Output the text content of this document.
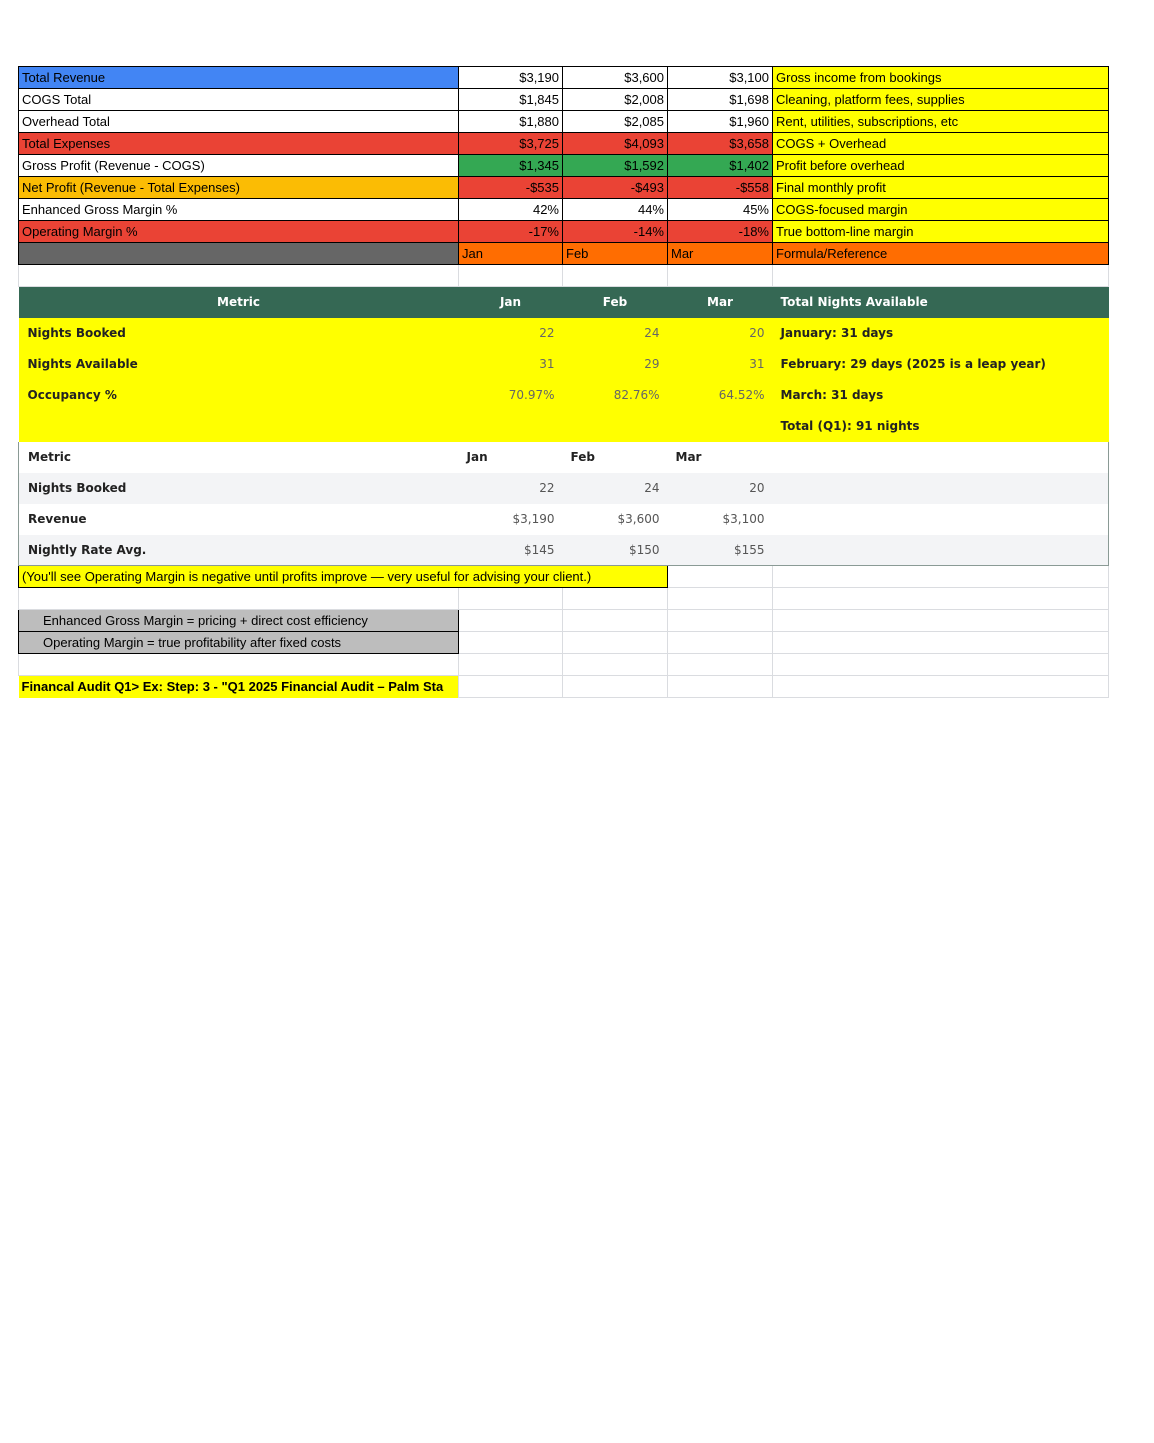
Total Revenue	$3,190	$3,600	$3,100	Gross income from bookings
COGS Total	$1,845	$2,008	$1,698	Cleaning, platform fees, supplies
Overhead Total	$1,880	$2,085	$1,960	Rent, utilities, subscriptions, etc
Total Expenses	$3,725	$4,093	$3,658	COGS + Overhead
Gross Profit (Revenue - COGS)	$1,345	$1,592	$1,402	Profit before overhead
Net Profit (Revenue - Total Expenses)	-$535	-$493	-$558	Final monthly profit
Enhanced Gross Margin %	42%	44%	45%	COGS-focused margin
Operating Margin %	-17%	-14%	-18%	True bottom-line margin
	Jan	Feb	Mar	Formula/Reference

Metric	Jan	Feb	Mar	Total Nights Available
Nights Booked	22	24	20	January: 31 days
Nights Available	31	29	31	February: 29 days (2025 is a leap year)
Occupancy %	70.97%	82.76%	64.52%	March: 31 days
				Total (Q1): 91 nights
Metric	Jan	Feb	Mar	
Nights Booked	22	24	20	
Revenue	$3,190	$3,600	$3,100	
Nightly Rate Avg.	$145	$150	$155	
(You'll see Operating Margin is negative until profits improve — very useful for advising your client.)				

Enhanced Gross Margin = pricing + direct cost efficiency				
Operating Margin = true profitability after fixed costs				

Financal Audit Q1> Ex: Step: 3 - "Q1 2025 Financial Audit – Palm Sta				
